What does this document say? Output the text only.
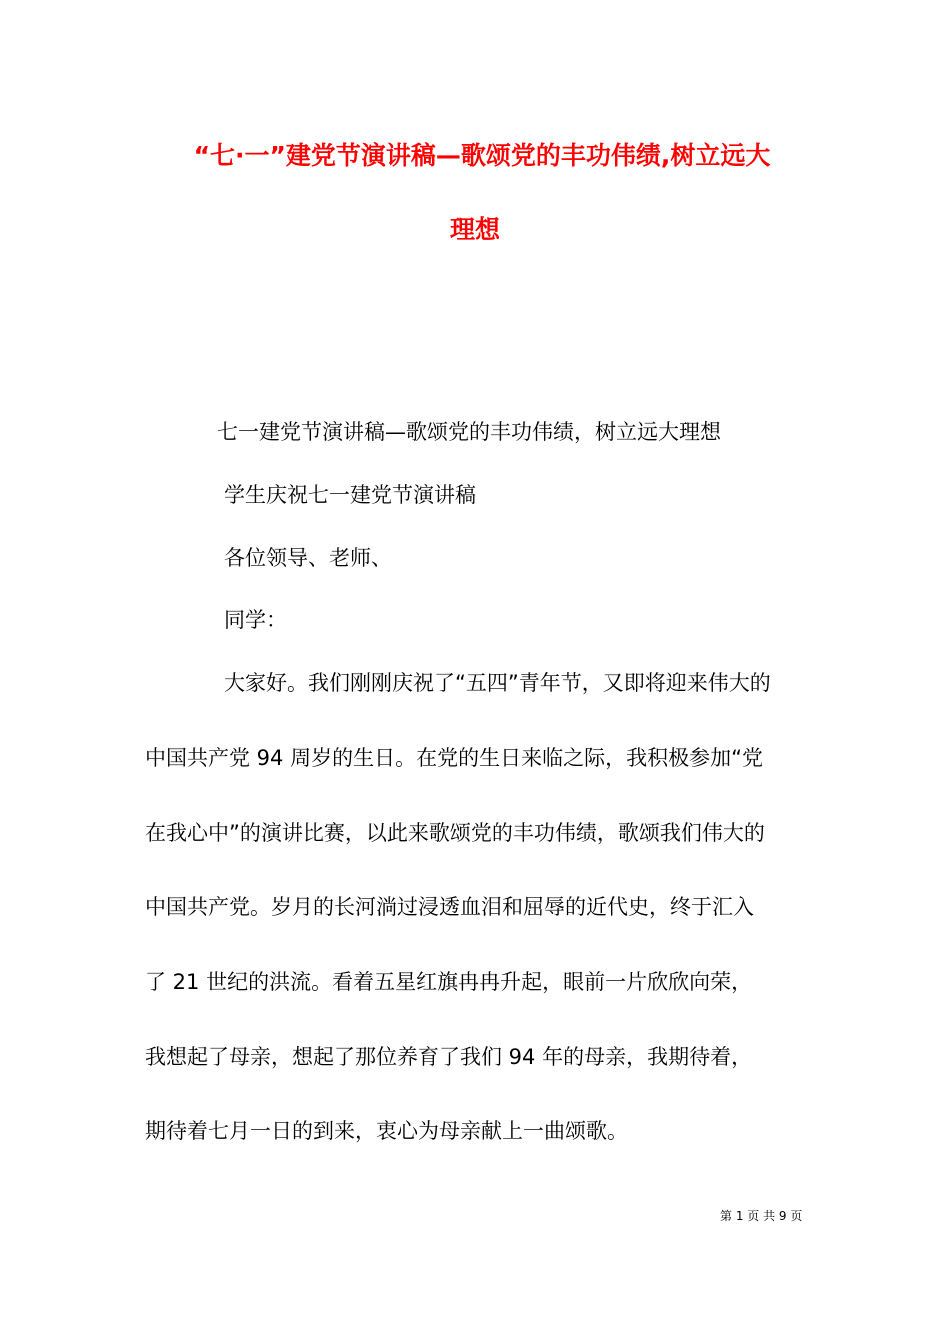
“七·一”建党节演讲稿—歌颂党的丰功伟绩,树立远大
理想
七一建党节演讲稿—歌颂党的丰功伟绩，树立远大理想
学生庆祝七一建党节演讲稿
各位领导、老师、
同学：
大家好。我们刚刚庆祝了“五四”青年节，又即将迎来伟大的
中国共产党 94 周岁的生日。在党的生日来临之际，我积极参加“党
在我心中”的演讲比赛，以此来歌颂党的丰功伟绩，歌颂我们伟大的
中国共产党。岁月的长河淌过浸透血泪和屈辱的近代史，终于汇入
了 21 世纪的洪流。看着五星红旗冉冉升起，眼前一片欣欣向荣，
我想起了母亲，想起了那位养育了我们 94 年的母亲，我期待着，
期待着七月一日的到来，衷心为母亲献上一曲颂歌。
第 1 页 共 9 页
